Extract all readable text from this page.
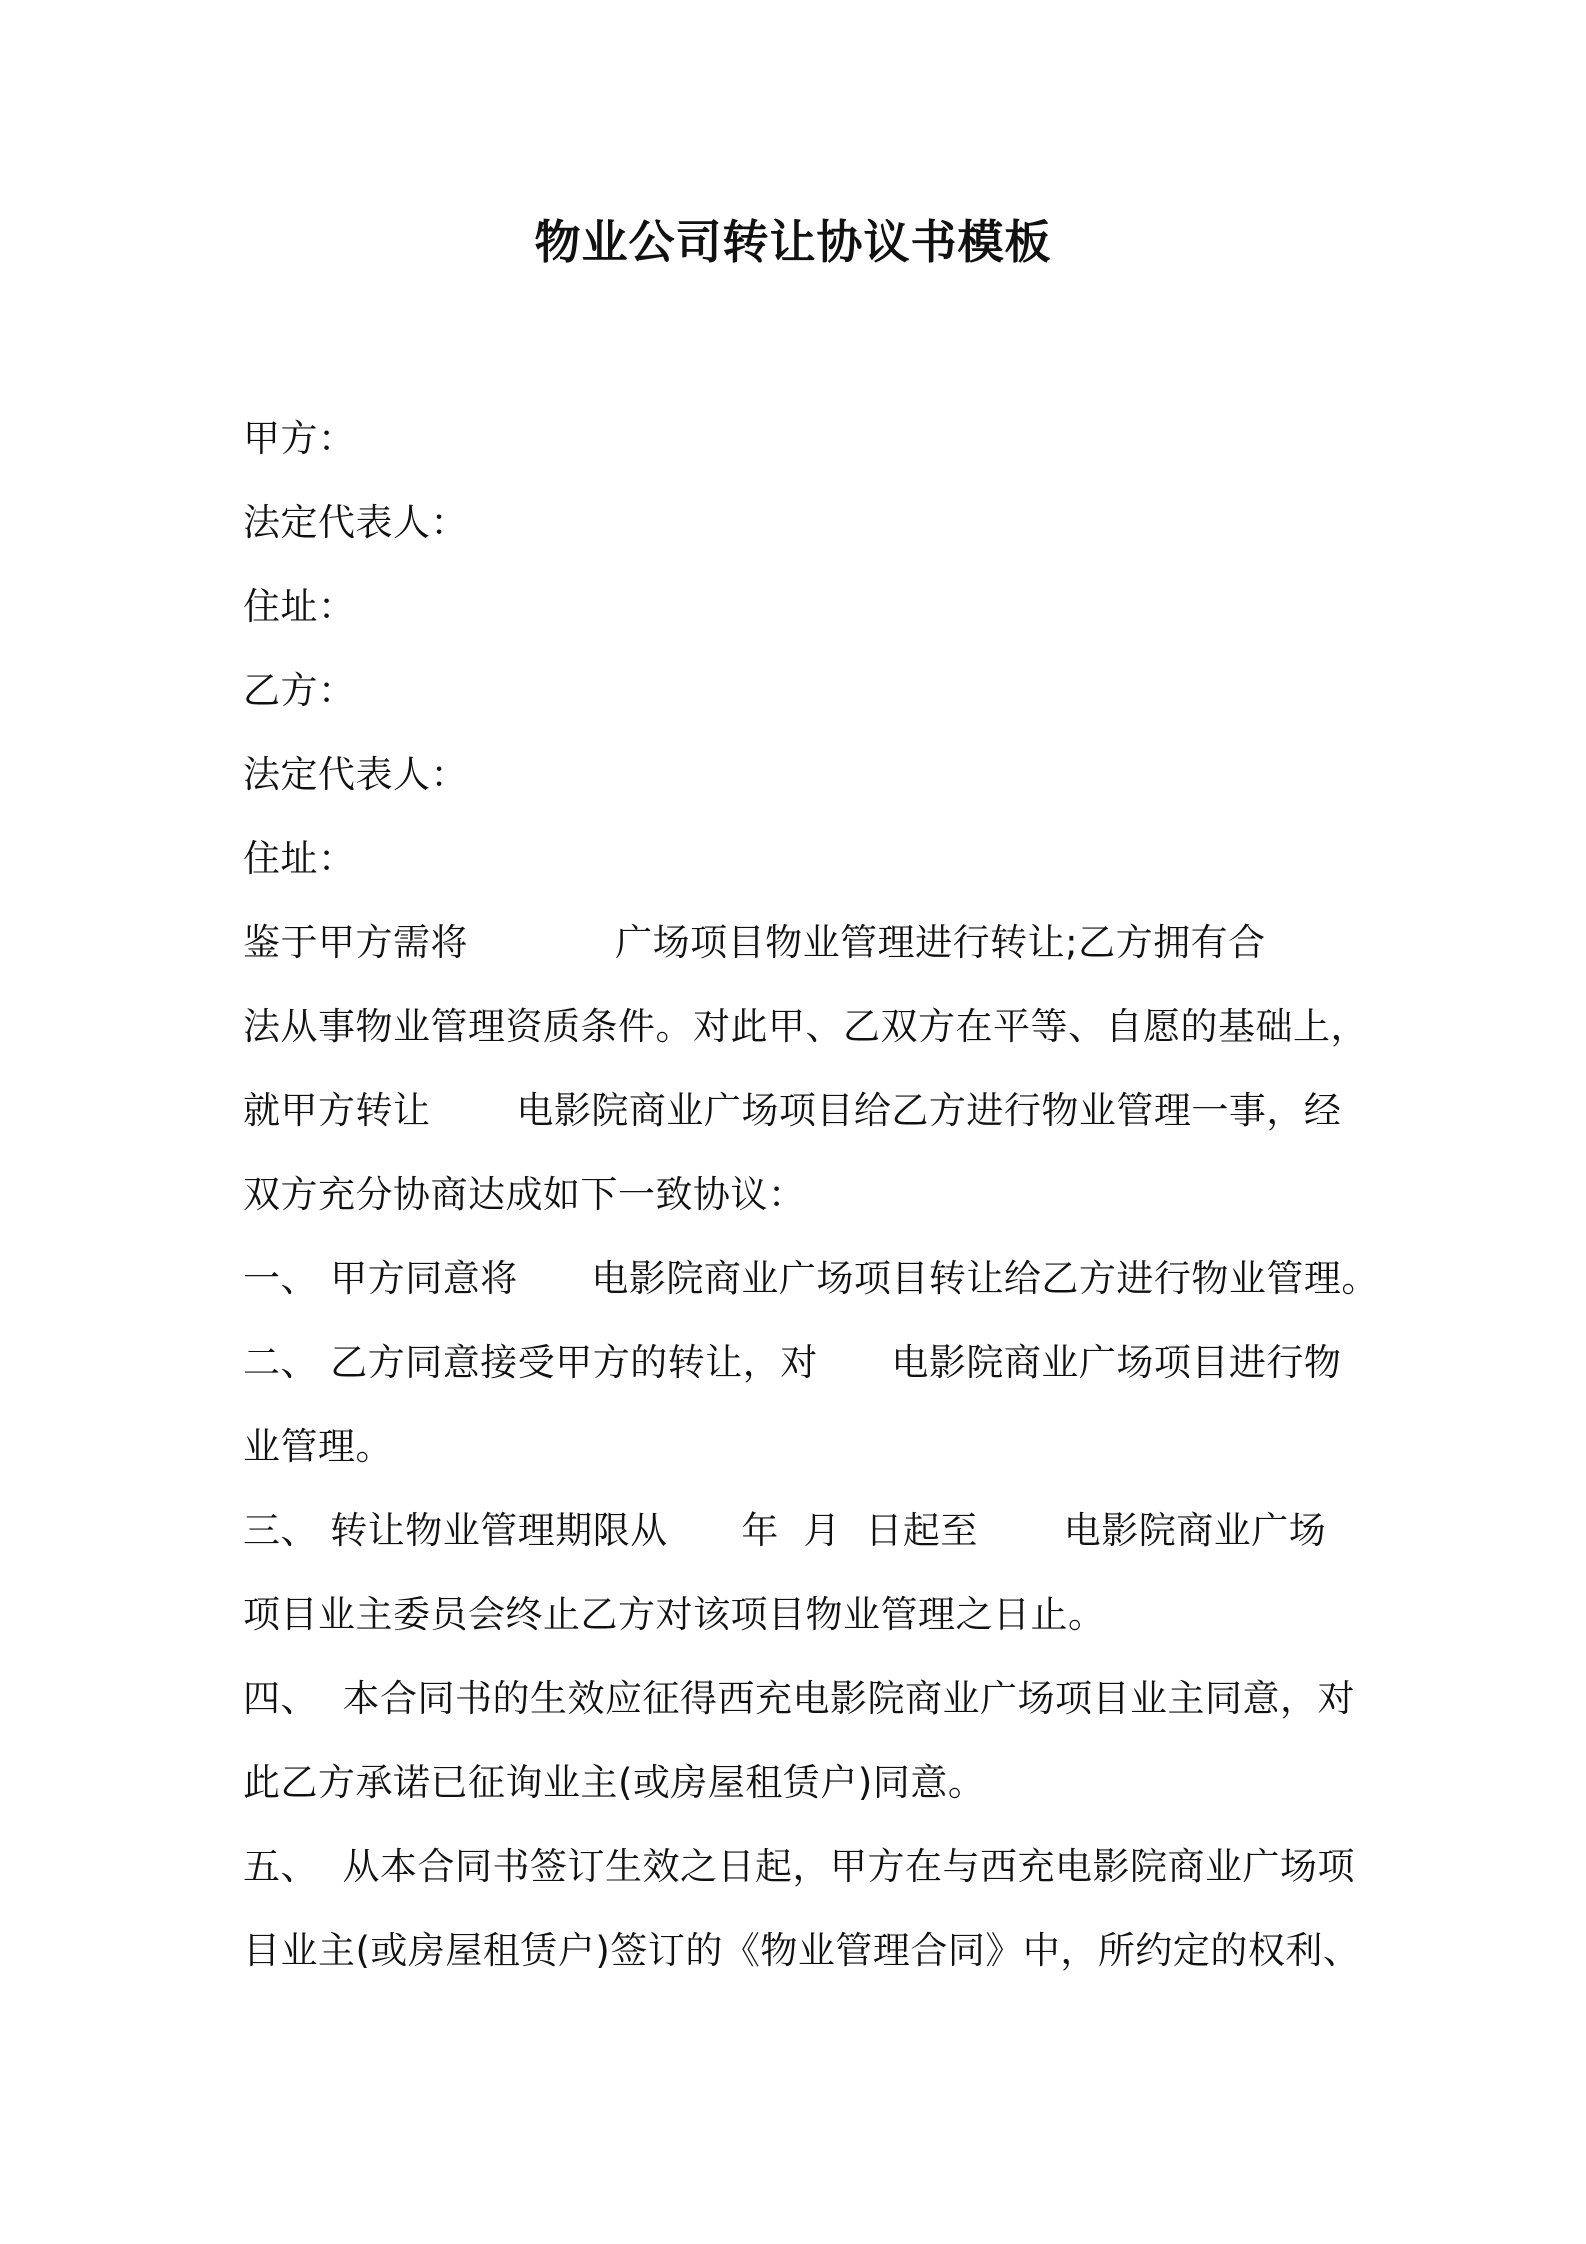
物业公司转让协议书模板
甲方：
法定代表人：
住址：
乙方：
法定代表人：
住址：
鉴于甲方需将            广场项目物业管理进行转让;乙方拥有合
法从事物业管理资质条件。对此甲、乙双方在平等、自愿的基础上，
就甲方转让       电影院商业广场项目给乙方进行物业管理一事，经
双方充分协商达成如下一致协议：
一、 甲方同意将      电影院商业广场项目转让给乙方进行物业管理。
二、 乙方同意接受甲方的转让，对      电影院商业广场项目进行物
业管理。
三、 转让物业管理期限从      年  月  日起至       电影院商业广场
项目业主委员会终止乙方对该项目物业管理之日止。
四、  本合同书的生效应征得西充电影院商业广场项目业主同意，对
此乙方承诺已征询业主(或房屋租赁户)同意。
五、  从本合同书签订生效之日起，甲方在与西充电影院商业广场项
目业主(或房屋租赁户)签订的《物业管理合同》中，所约定的权利、
